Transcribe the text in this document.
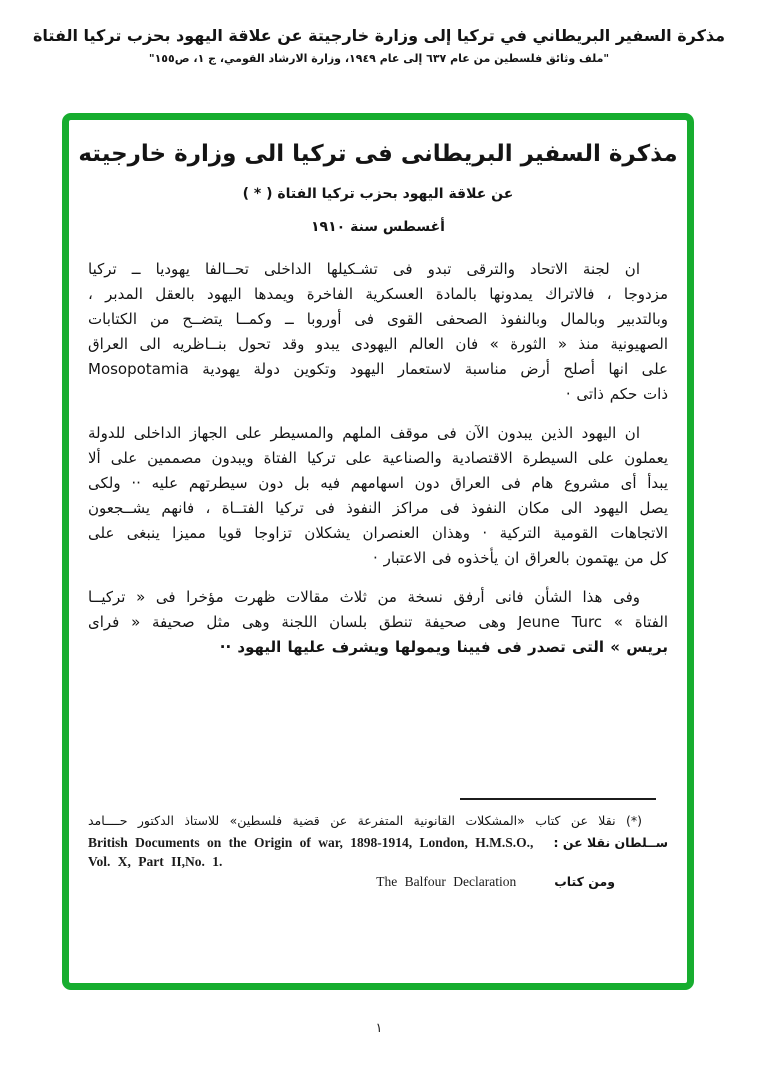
مذكرة السفير البريطاني في تركيا إلى وزارة خارجيتة عن علاقة اليهود بحزب تركيا الفتاة
"ملف وثائق فلسطين من عام ٦٣٧ إلى عام ١٩٤٩، وزارة الارشاد القومي، ج ١، ص١٥٥"
مذكرة السفير البريطانى فى تركيا الى وزارة خارجيته
عن علاقة اليهود بحزب تركيا الفتاة ( * )
أغسطس سنة ١٩١٠
ان لجنة الاتحاد والترقى تبدو فى تشـكيلها الداخلى تحــالفا يهوديا ــ تركيا
مزدوجا ، فالاتراك يمدونها بالمادة العسكرية الفاخرة ويمدها اليهود بالعقل المدبر ،
وبالتدبير وبالمال وبالنفوذ الصحفى القوى فى أوروبا ــ وكمــا يتضــح من الكتابات
الصهيونية منذ « الثورة » فان العالم اليهودى يبدو وقد تحول بنــاظريه الى العراق
على انها أصلح أرض مناسبة لاستعمار اليهود وتكوين دولة يهودية Mosopotamia
ذات حكم ذاتى ·
ان اليهود الذين يبدون الآن فى موقف الملهم والمسيطر على الجهاز الداخلى للدولة
يعملون على السيطرة الاقتصادية والصناعية على تركيا الفتاة ويبدون مصممين على ألا
يبدأ أى مشروع هام فى العراق دون اسهامهم فيه بل دون سيطرتهم عليه ·· ولكى
يصل اليهود الى مكان النفوذ فى مراكز النفوذ فى تركيا الفتــاة ، فانهم يشــجعون
الاتجاهات القومية التركية · وهذان العنصران يشكلان تزاوجا قويا مميزا ينبغى على
كل من يهتمون بالعراق ان يأخذوه فى الاعتبار ·
وفى هذا الشأن فانى أرفق نسخة من ثلاث مقالات ظهرت مؤخرا فى « تركيــا
الفتاة » Jeune Turc وهى صحيفة تنطق بلسان اللجنة وهى مثل صحيفة « فراى
بريس » التى تصدر فى فيينا ويمولها ويشرف عليها اليهود ··
(*) نقلا عن كتاب «المشكلات القانونية المتفرعة عن قضية فلسطين» للاستاذ الدكتور حــــامد
British Documents on the Origin of war, 1898-1914, London, H.M.S.O., ســلطان نقلا عن :
Vol. X, Part II,No. 1.
The Balfour Declaration	ومن كتاب
١
